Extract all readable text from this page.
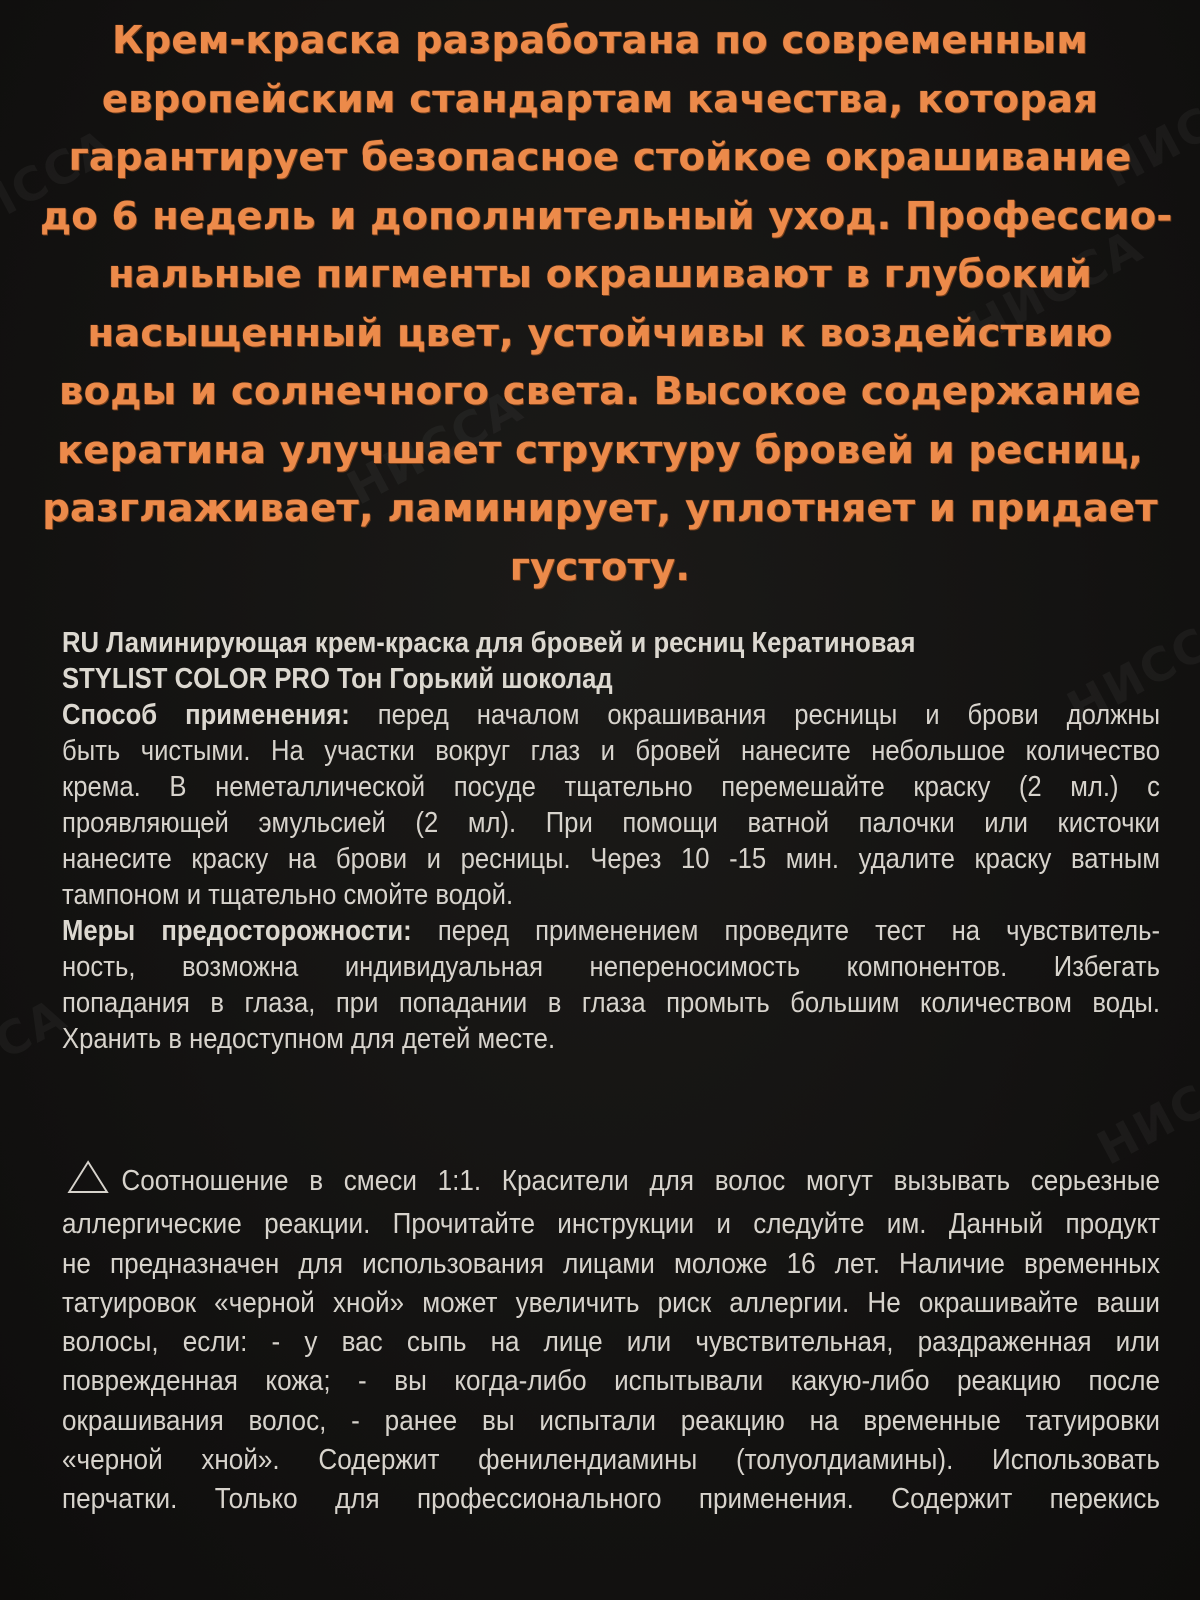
Крем-краска разработана по современным
европейским стандартам качества, которая
гарантирует безопасное стойкое окрашивание
до 6 недель и дополнительный уход. Профессио-
нальные пигменты окрашивают в глубокий
насыщенный цвет, устойчивы к воздействию
воды и солнечного света. Высокое содержание
кератина улучшает структуру бровей и ресниц,
разглаживает, ламинирует, уплотняет и придает
густоту.
RU Ламинирующая крем-краска для бровей и ресниц Кератиновая
STYLIST COLOR PRO Тон Горький шоколад
Способ применения: перед началом окрашивания ресницы и брови должны
быть чистыми. На участки вокруг глаз и бровей нанесите небольшое количество
крема. В неметаллической посуде тщательно перемешайте краску (2 мл.) с
проявляющей эмульсией (2 мл). При помощи ватной палочки или кисточки
нанесите краску на брови и ресницы. Через 10 -15 мин. удалите краску ватным
тампоном и тщательно смойте водой.
Меры предосторожности: перед применением проведите тест на чувствитель-
ность, возможна индивидуальная непереносимость компонентов. Избегать
попадания в глаза, при попадании в глаза промыть большим количеством воды.
Хранить в недоступном для детей месте.
Соотношение в смеси 1:1. Красители для волос могут вызывать серьезные
аллергические реакции. Прочитайте инструкции и следуйте им. Данный продукт
не предназначен для использования лицами моложе 16 лет. Наличие временных
татуировок «черной хной» может увеличить риск аллергии. Не окрашивайте ваши
волосы, если: - у вас сыпь на лице или чувствительная, раздраженная или
поврежденная кожа; - вы когда-либо испытывали какую-либо реакцию после
окрашивания волос, - ранее вы испытали реакцию на временные татуировки
«черной хной». Содержит фенилендиамины (толуолдиамины). Использовать
перчатки. Только для профессионального применения. Содержит перекись
